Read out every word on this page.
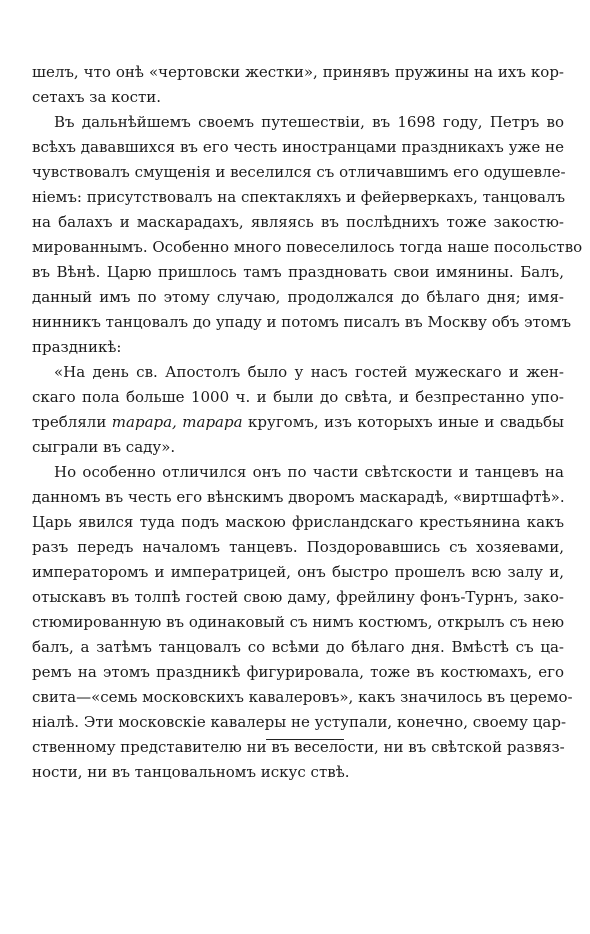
шелъ, что онѣ «чертовски жестки», принявъ пружины на ихъ кор-
сетахъ за кости.
Въ дальнѣйшемъ своемъ путешествіи, въ 1698 году, Петръ во
всѣхъ дававшихся въ его честь иностранцами праздникахъ уже не
чувствовалъ смущенія и веселился съ отличавшимъ его одушевле-
ніемъ: присутствовалъ на спектакляхъ и фейерверкахъ, танцовалъ
на балахъ и маскарадахъ, являясь въ послѣднихъ тоже закостю-
мированнымъ. Особенно много повеселилось тогда наше посольство
въ Вѣнѣ. Царю пришлось тамъ праздновать свои имянины. Балъ,
данный имъ по этому случаю, продолжался до бѣлаго дня; имя-
нинникъ танцовалъ до упаду и потомъ писалъ въ Москву объ этомъ
праздникѣ:
«На день св. Апостолъ было у насъ гостей мужескаго и жен-
скаго пола больше 1000 ч. и были до свѣта, и безпрестанно упо-
требляли тарара, тарара кругомъ, изъ которыхъ иные и свадьбы
сыграли въ саду».
Но особенно отличился онъ по части свѣтскости и танцевъ на
данномъ въ честь его вѣнскимъ дворомъ маскарадѣ, «виртшафтѣ».
Царь явился туда подъ маскою фрисландскаго крестьянина какъ
разъ передъ началомъ танцевъ. Поздоровавшись съ хозяевами,
императоромъ и императрицей, онъ быстро прошелъ всю залу и,
отыскавъ въ толпѣ гостей свою даму, фрейлину фонъ-Турнъ, зако-
стюмированную въ одинаковый съ нимъ костюмъ, открылъ съ нею
балъ, а затѣмъ танцовалъ со всѣми до бѣлаго дня. Вмѣстѣ съ ца-
ремъ на этомъ праздникѣ фигурировала, тоже въ костюмахъ, его
свита—«семь московскихъ кавалеровъ», какъ значилось въ церемо-
ніалѣ. Эти московскіе кавалеры не уступали, конечно, своему цар-
ственному представителю ни въ веселости, ни въ свѣтской развяз-
ности, ни въ танцовальномъ искус ствѣ.
